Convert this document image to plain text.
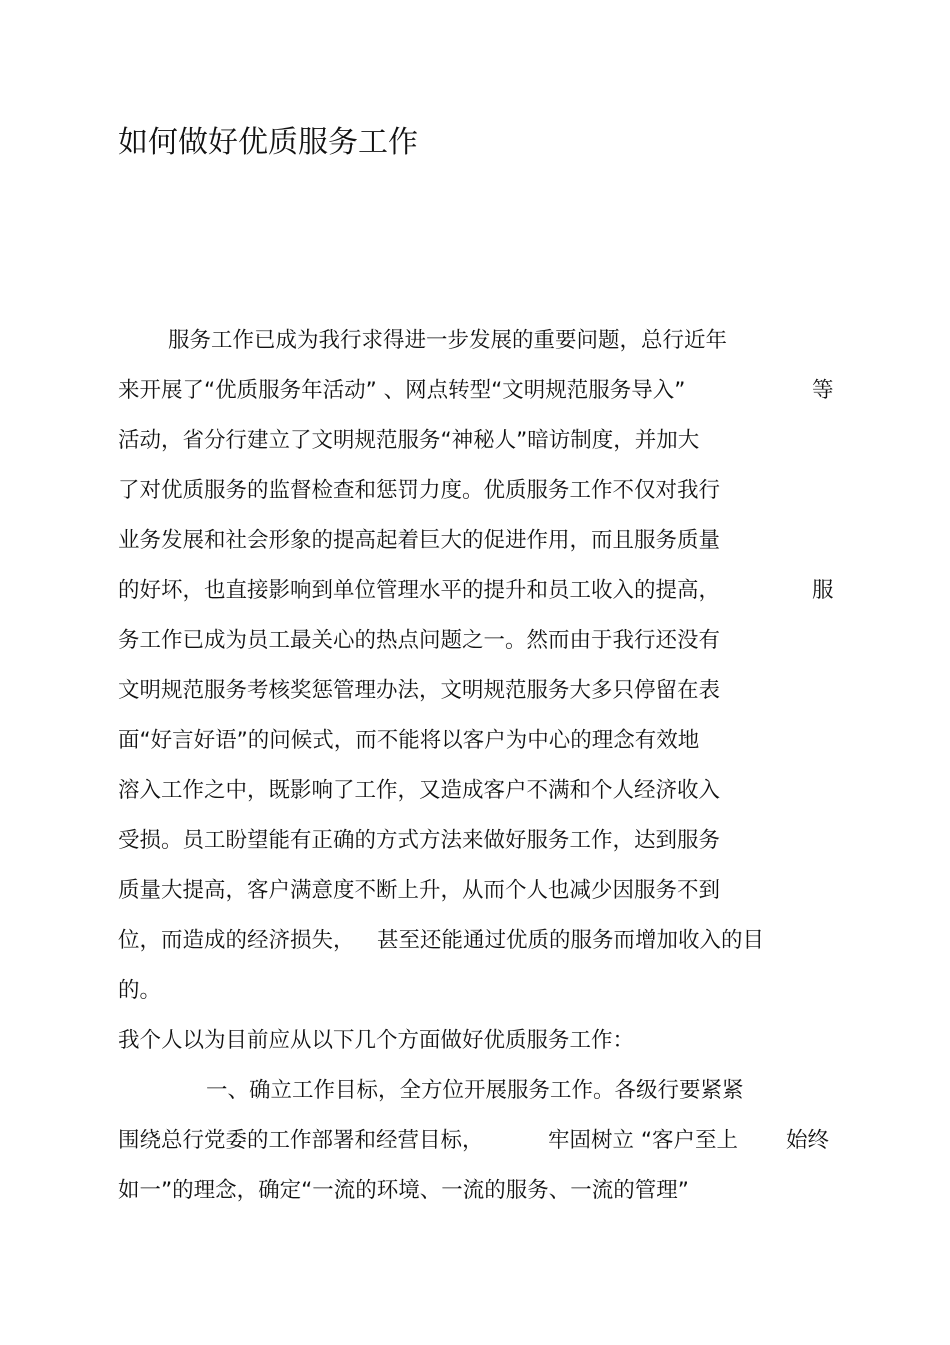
如何做好优质服务工作
服务工作已成为我行求得进一步发展的重要问题，总行近年
来开展了“优质服务年活动” 、网点转型“文明规范服务导入”	等
活动，省分行建立了文明规范服务“神秘人”暗访制度，并加大
了对优质服务的监督检查和惩罚力度。优质服务工作不仅对我行
业务发展和社会形象的提高起着巨大的促进作用，而且服务质量
的好坏，也直接影响到单位管理水平的提升和员工收入的提高，	服
务工作已成为员工最关心的热点问题之一。然而由于我行还没有
文明规范服务考核奖惩管理办法，文明规范服务大多只停留在表
面“好言好语”的问候式，而不能将以客户为中心的理念有效地
溶入工作之中，既影响了工作，又造成客户不满和个人经济收入
受损。员工盼望能有正确的方式方法来做好服务工作，达到服务
质量大提高，客户满意度不断上升，从而个人也减少因服务不到
位，而造成的经济损失， 甚至还能通过优质的服务而增加收入的目
的。
我个人以为目前应从以下几个方面做好优质服务工作：
一、确立工作目标，全方位开展服务工作。各级行要紧紧
围绕总行党委的工作部署和经营目标，	牢固树立 “客户至上 始终
如一”的理念，确定“一流的环境、一流的服务、一流的管理”
